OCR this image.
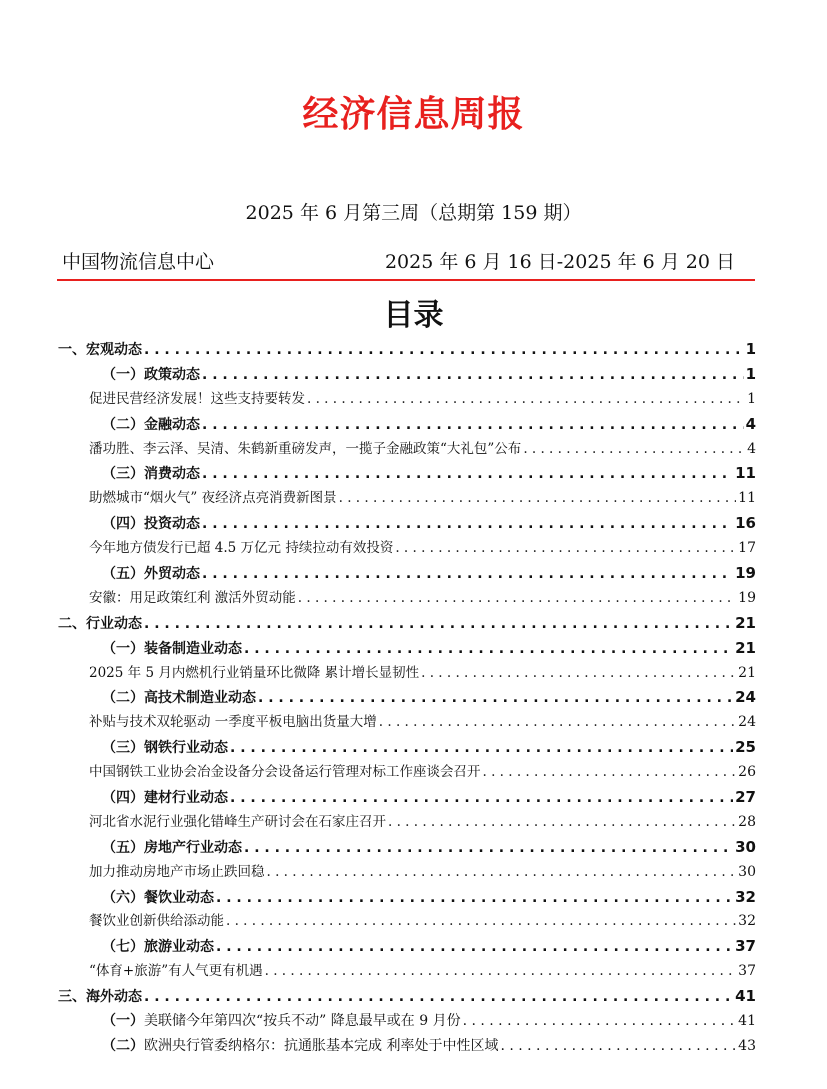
经济信息周报
2025 年 6 月第三周（总期第 159 期）
中国物流信息中心	2025 年 6 月 16 日-2025 年 6 月 20 日
目录
一、宏观动态 . . .	1
（一）政策动态 . . .	1
促进民营经济发展！这些支持要转发 . . .	1
（二）金融动态 . . .	4
潘功胜、李云泽、吴清、朱鹤新重磅发声，一揽子金融政策“大礼包”公布 . . .	4
（三）消费动态 . . .	11
助燃城市“烟火气” 夜经济点亮消费新图景 . . .	11
（四）投资动态 . . .	16
今年地方债发行已超 4.5 万亿元 持续拉动有效投资 . . .	17
（五）外贸动态 . . .	19
安徽：用足政策红利 激活外贸动能 . . .	19
二、行业动态 . . .	21
（一）装备制造业动态 . . .	21
2025 年 5 月内燃机行业销量环比微降 累计增长显韧性 . . .	21
（二）高技术制造业动态 . . .	24
补贴与技术双轮驱动 一季度平板电脑出货量大增 . . .	24
（三）钢铁行业动态 . . .	25
中国钢铁工业协会冶金设备分会设备运行管理对标工作座谈会召开 . . .	26
（四）建材行业动态 . . .	27
河北省水泥行业强化错峰生产研讨会在石家庄召开 . . .	28
（五）房地产行业动态 . . .	30
加力推动房地产市场止跌回稳 . . .	30
（六）餐饮业动态 . . .	32
餐饮业创新供给添动能 . . .	32
（七）旅游业动态 . . .	37
“体育+旅游”有人气更有机遇 . . .	37
三、海外动态 . . .	41
（一）美联储今年第四次“按兵不动” 降息最早或在 9 月份 . . .	41
（二）欧洲央行管委纳格尔：抗通胀基本完成 利率处于中性区域 . . .	43
